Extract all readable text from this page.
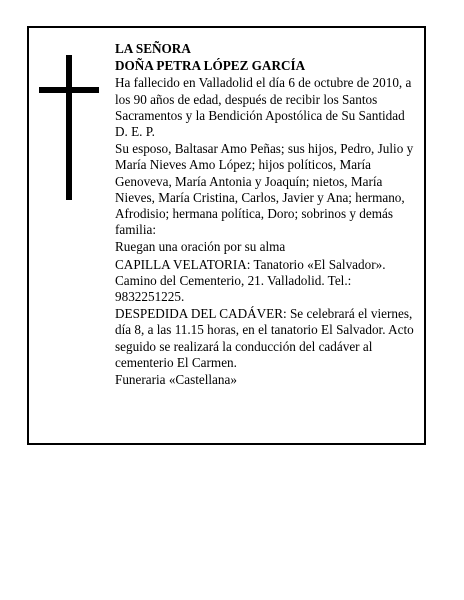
LA SEÑORA

DOÑA PETRA LÓPEZ GARCÍA

Ha fallecido en Valladolid el día 6 de octubre de 2010, a los 90 años de edad, después de recibir los Santos Sacramentos y la Bendición Apostólica de Su Santidad D. E. P.

Su esposo, Baltasar Amo Peñas; sus hijos, Pedro, Julio y María Nieves Amo López; hijos políticos, María Genoveva, María Antonia y Joaquín; nietos, María Nieves, María Cristina, Carlos, Javier y Ana; hermano, Afrodisio; hermana política, Doro; sobrinos y demás familia:

Ruegan una oración por su alma

CAPILLA VELATORIA: Tanatorio «El Salvador». Camino del Cementerio, 21. Valladolid. Tel.: 9832251225.

DESPEDIDA DEL CADÁVER: Se celebrará el viernes, día 8, a las 11.15 horas, en el tanatorio El Salvador. Acto seguido se realizará la conducción del cadáver al cementerio El Carmen.

Funeraria «Castellana»
